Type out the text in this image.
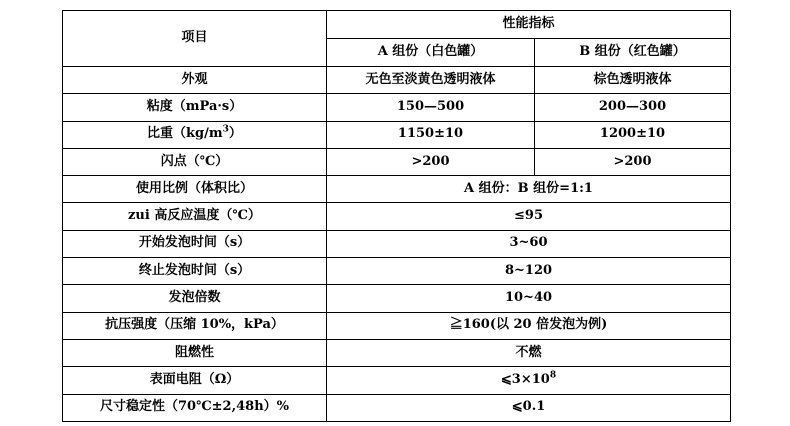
项目	性能指标	
	A 组份（白色罐）	B 组份（红色罐）
外观	无色至淡黄色透明液体	棕色透明液体
粘度（mPa·s）	150—500	200—300
比重$(kg/m^3)$	1150±10	1200±10
闪点（℃）	>200	>200
使用比例（体积比）	A 组份：B 组份=1:1	
zui 高反应温度（℃）	≤95	
开始发泡时间（s）	3~60	
终止发泡时间（s）	8~120	
发泡倍数	10~40	
抗压强度（压缩 10%，kPa）	≧160(以 20 倍发泡为例)	
阻燃性	不燃	
表面电阻（Ω）	$⩽3\times 10^8$
尺寸稳定性（70℃±2,48h）%	⩽0.1	
